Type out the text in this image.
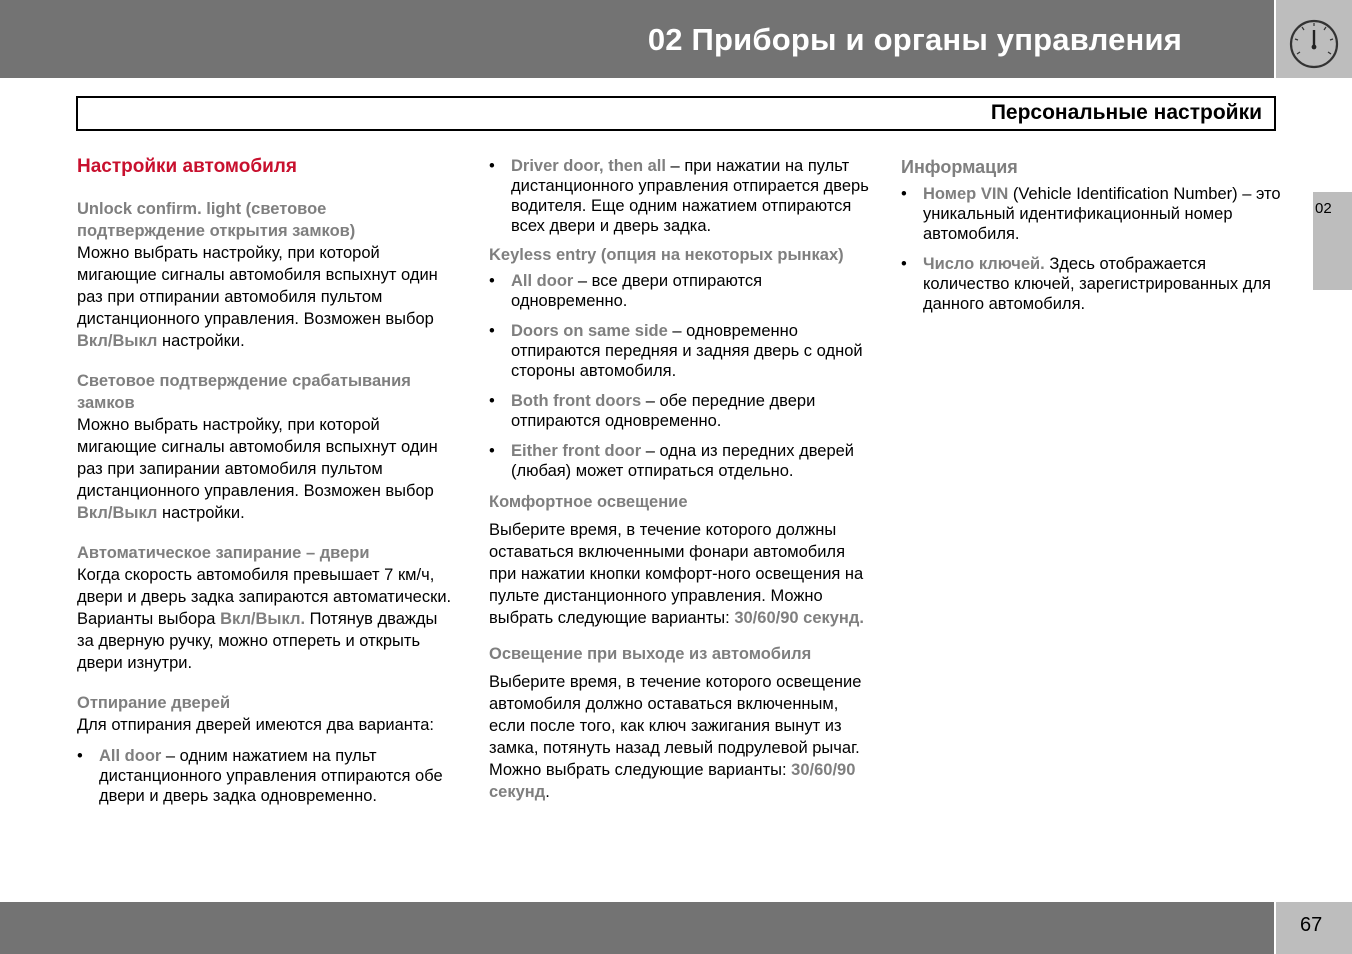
02 Приборы и органы управления
Персональные настройки
02
Настройки автомобиля
Unlock confirm. light (световое подтверждение открытия замков)

Можно выбрать настройку, при которой мигающие сигналы автомобиля вспыхнут один раз при отпирании автомобиля пультом дистанционного управления. Возможен выбор Вкл/Выкл настройки.

Световое подтверждение срабатывания замков

Можно выбрать настройку, при которой мигающие сигналы автомобиля вспыхнут один раз при запирании автомобиля пультом дистанционного управления. Возможен выбор Вкл/Выкл настройки.

Автоматическое запирание – двери

Когда скорость автомобиля превышает 7 км/ч, двери и дверь задка запираются автоматически. Варианты выбора Вкл/Выкл. Потянув дважды за дверную ручку, можно отпереть и открыть двери изнутри.

Отпирание дверей

Для отпирания дверей имеются два варианта:

• All door – одним нажатием на пульт дистанционного управления отпираются обе двери и дверь задка одновременно.
• Driver door, then all – при нажатии на пульт дистанционного управления отпирается дверь водителя. Еще одним нажатием отпираются всех двери и дверь задка.
Keyless entry (опция на некоторых рынках)
• All door – все двери отпираются одновременно.
• Doors on same side – одновременно отпираются передняя и задняя дверь с одной стороны автомобиля.
• Both front doors – обе передние двери отпираются одновременно.
• Either front door – одна из передних дверей (любая) может отпираться отдельно.
Комфортное освещение

Выберите время, в течение которого должны оставаться включенными фонари автомобиля при нажатии кнопки комфорт-ного освещения на пульте дистанционного управления. Можно выбрать следующие варианты: 30/60/90 секунд.

Освещение при выходе из автомобиля

Выберите время, в течение которого освещение автомобиля должно оставаться включенным, если после того, как ключ зажигания вынут из замка, потянуть назад левый подрулевой рычаг. Можно выбрать следующие варианты: 30/60/90 секунд.

Информация
• Номер VIN (Vehicle Identification Number) – это уникальный идентификационный номер автомобиля.
• Число ключей. Здесь отображается количество ключей, зарегистрированных для данного автомобиля.
67
